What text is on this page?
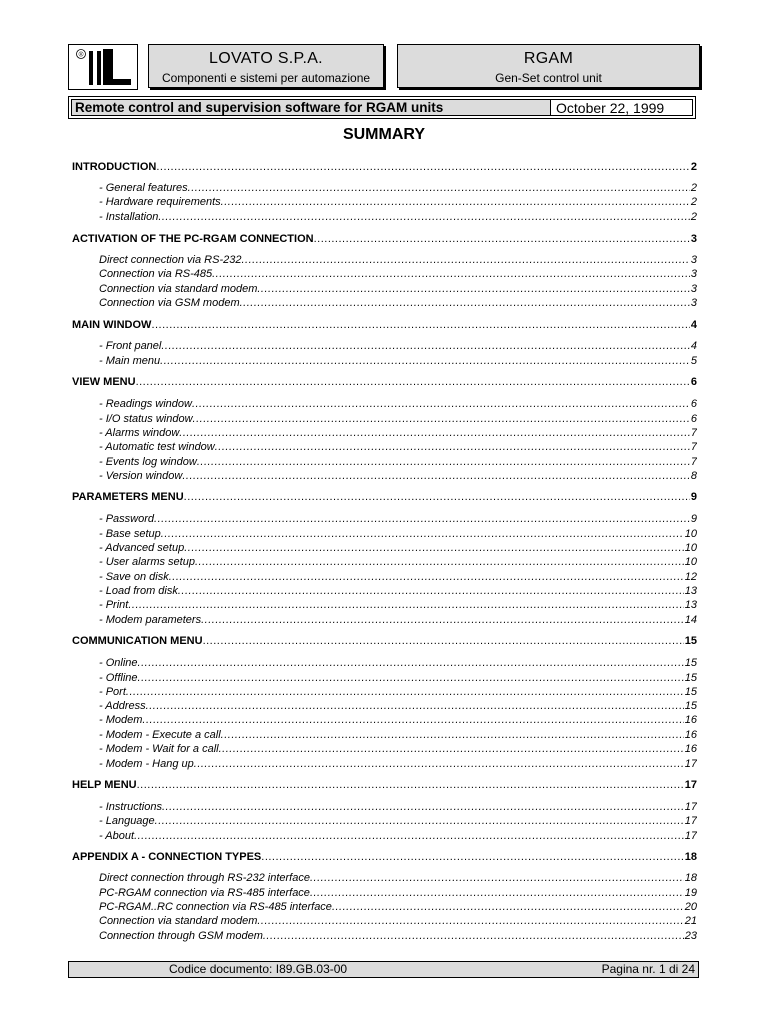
®	LOVATO S.P.A.
Componenti e sistemi per automazione
RGAM
Gen-Set control unit
Remote control and supervision software for RGAM units	October 22, 1999
SUMMARY
INTRODUCTION .....	2
- General features .....	2
- Hardware requirements .....	2
- Installation .....	2
ACTIVATION OF THE PC-RGAM CONNECTION .....	3
Direct connection via RS-232 .....	3
Connection via RS-485 .....	3
Connection via standard modem .....	3
Connection via GSM modem .....	3
MAIN WINDOW .....	4
- Front panel .....	4
- Main menu .....	5
VIEW MENU .....	6
- Readings window .....	6
- I/O status window .....	6
- Alarms window .....	7
- Automatic test window .....	7
- Events log window .....	7
- Version window .....	8
PARAMETERS MENU .....	9
- Password .....	9
- Base setup .....	10
- Advanced setup .....	10
- User alarms setup .....	10
- Save on disk .....	12
- Load from disk .....	13
- Print .....	13
- Modem parameters .....	14
COMMUNICATION MENU .....	15
- Online .....	15
- Offline .....	15
- Port .....	15
- Address .....	15
- Modem .....	16
- Modem - Execute a call .....	16
- Modem - Wait for a call .....	16
- Modem - Hang up .....	17
HELP MENU .....	17
- Instructions .....	17
- Language .....	17
- About .....	17
APPENDIX A - CONNECTION TYPES .....	18
Direct connection through RS-232 interface .....	18
PC-RGAM connection via RS-485 interface .....	19
PC-RGAM..RC connection via RS-485 interface .....	20
Connection via standard modem .....	21
Connection through GSM modem .....	23
Codice documento: I89.GB.03-00	Pagina nr. 1 di 24
